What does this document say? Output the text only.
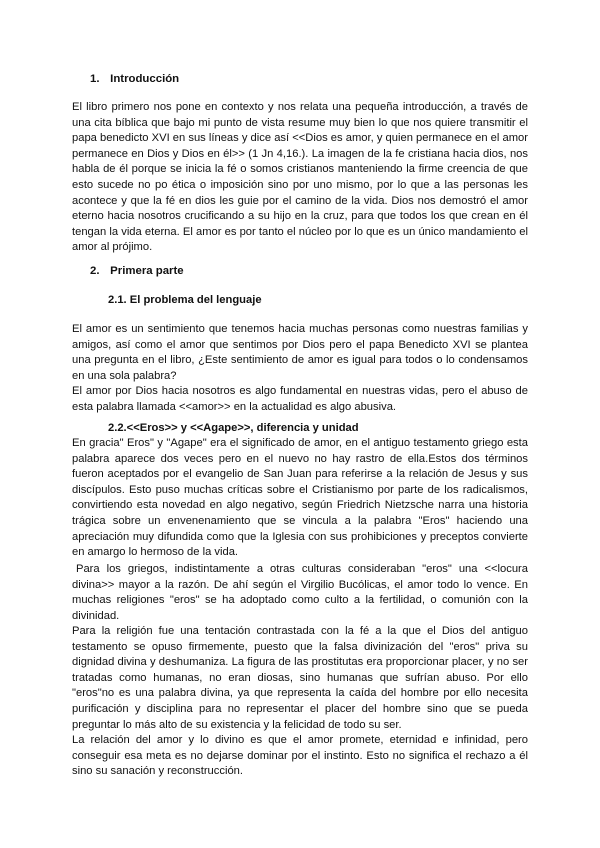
1. Introducción

El libro primero nos pone en contexto y nos relata una pequeña introducción, a través de una cita bíblica que bajo mi punto de vista resume muy bien lo que nos quiere transmitir el papa benedicto XVI en sus líneas y dice así <<Dios es amor, y quien permanece en el amor permanece en Dios y Dios en él>> (1 Jn 4,16.). La imagen de la fe cristiana hacia dios, nos habla de él porque se inicia la fé o somos cristianos manteniendo la firme creencia de que esto sucede no po ética o imposición sino por uno mismo, por lo que a las personas les acontece y que la fé en dios les guie por el camino de la vida. Dios nos demostró el amor eterno hacia nosotros crucificando a su hijo en la cruz, para que todos los que crean en él tengan la vida eterna. El amor es por tanto el núcleo por lo que es un único mandamiento el amor al prójimo.

2. Primera parte
2.1. El problema del lenguaje

El amor es un sentimiento que tenemos hacia muchas personas como nuestras familias y amigos, así como el amor que sentimos por Dios pero el papa Benedicto XVI se plantea una pregunta en el libro, ¿Este sentimiento de amor es igual para todos o lo condensamos en una sola palabra?
El amor por Dios hacia nosotros es algo fundamental en nuestras vidas, pero el abuso de esta palabra llamada <<amor>> en la actualidad es algo abusiva.

2.2.<<Eros>> y <<Agape>>, diferencia y unidad

En gracia" Eros" y "Agape" era el significado de amor, en el antiguo testamento griego esta palabra aparece dos veces pero en el nuevo no hay rastro de ella.Estos dos términos fueron aceptados por el evangelio de San Juan para referirse a la relación de Jesus y sus discípulos. Esto puso muchas críticas sobre el Cristianismo por parte de los radicalismos, convirtiendo esta novedad en algo negativo, según Friedrich Nietzsche narra una historia trágica sobre un envenenamiento que se vincula a la palabra "Eros" haciendo una apreciación muy difundida como que la Iglesia con sus prohibiciones y preceptos convierte en amargo lo hermoso de la vida.

Para los griegos, indistintamente a otras culturas consideraban "eros" una <<locura divina>> mayor a la razón. De ahí según el Virgilio Bucólicas, el amor todo lo vence. En muchas religiones "eros" se ha adoptado como culto a la fertilidad, o comunión con la divinidad.

Para la religión fue una tentación contrastada con la fé a la que el Dios del antiguo testamento se opuso firmemente, puesto que la falsa divinización del "eros" priva su dignidad divina y deshumaniza. La figura de las prostitutas era proporcionar placer, y no ser tratadas como humanas, no eran diosas, sino humanas que sufrían abuso. Por ello "eros"no es una palabra divina, ya que representa la caída del hombre por ello necesita purificación y disciplina para no representar el placer del hombre sino que se pueda preguntar lo más alto de su existencia y la felicidad de todo su ser.

La relación del amor y lo divino es que el amor promete, eternidad e infinidad, pero conseguir esa meta es no dejarse dominar por el instinto. Esto no significa el rechazo a él sino su sanación y reconstrucción.
